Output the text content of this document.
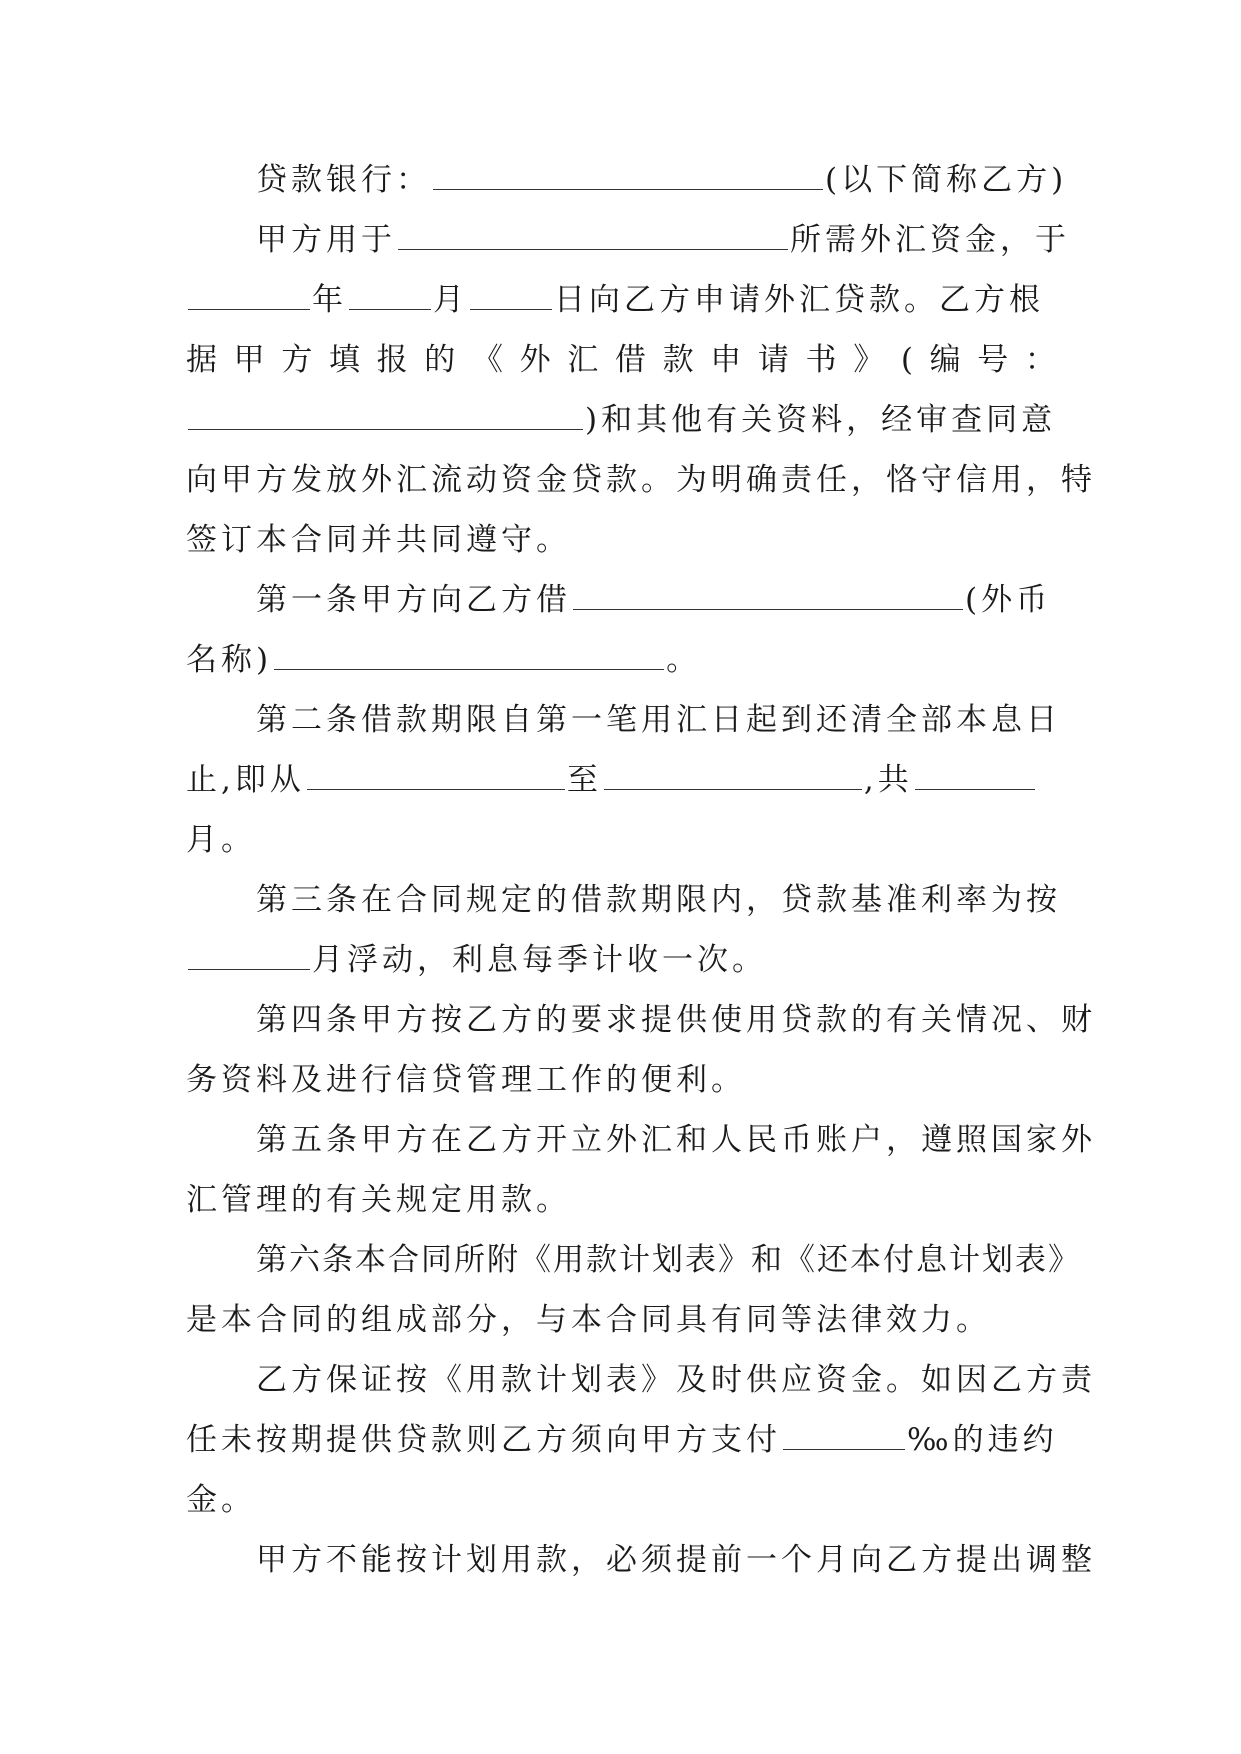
贷款银行：	(以下简称乙方)
甲方用于	所需外汇资金，于
年	月	日向乙方申请外汇贷款。乙方根
据 甲 方 填 报 的 《 外 汇 借 款 申 请 书 》 ( 编 号 ：
)和其他有关资料，经审查同意
向甲方发放外汇流动资金贷款。为明确责任，恪守信用，特
签订本合同并共同遵守。
第一条甲方向乙方借	(外币
名称)	。
第二条借款期限自第一笔用汇日起到还清全部本息日
止,即从	至	,共
月。
第三条在合同规定的借款期限内，贷款基准利率为按
月浮动，利息每季计收一次。
第四条甲方按乙方的要求提供使用贷款的有关情况、财
务资料及进行信贷管理工作的便利。
第五条甲方在乙方开立外汇和人民币账户，遵照国家外
汇管理的有关规定用款。
第六条本合同所附《用款计划表》和《还本付息计划表》
是本合同的组成部分，与本合同具有同等法律效力。
乙方保证按《用款计划表》及时供应资金。如因乙方责
任未按期提供贷款则乙方须向甲方支付	‰的违约
金。
甲方不能按计划用款，必须提前一个月向乙方提出调整
